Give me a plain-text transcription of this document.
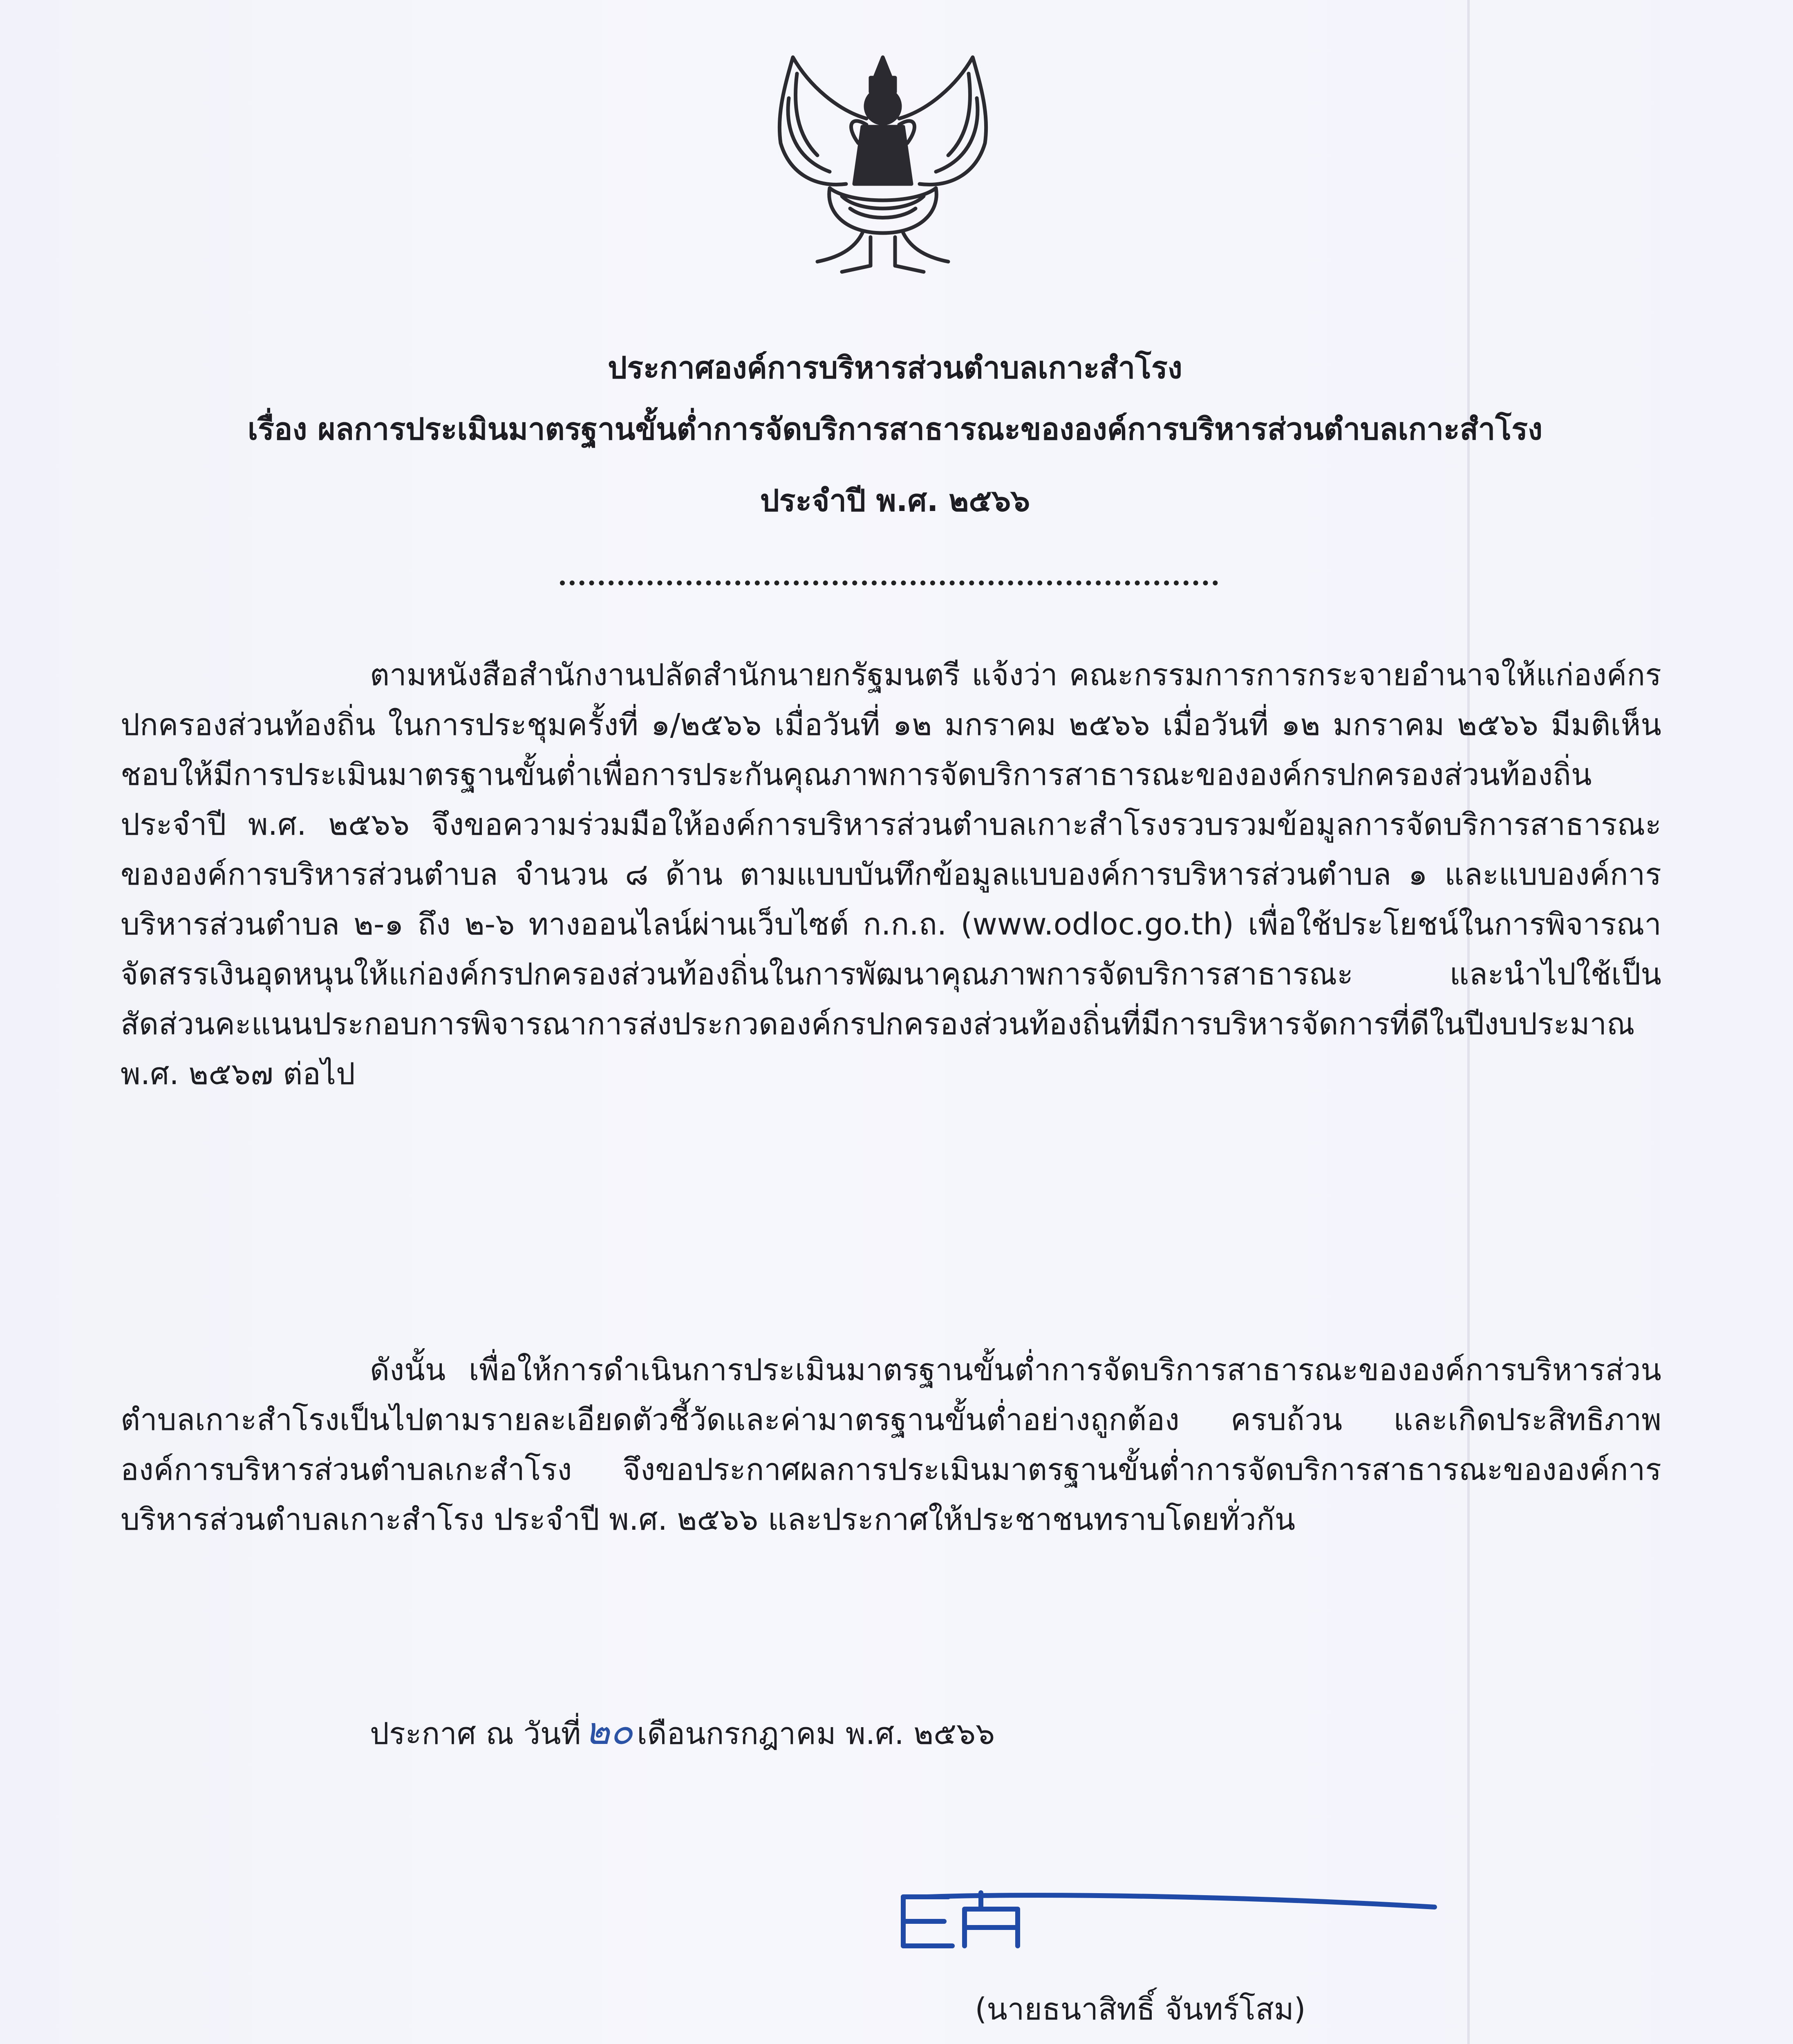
ประกาศองค์การบริหารส่วนตำบลเกาะสำโรง
เรื่อง ผลการประเมินมาตรฐานขั้นต่ำการจัดบริการสาธารณะขององค์การบริหารส่วนตำบลเกาะสำโรง
ประจำปี พ.ศ. ๒๕๖๖
ตามหนังสือสำนักงานปลัดสำนักนายกรัฐมนตรี แจ้งว่า คณะกรรมการการกระจายอำนาจให้แก่องค์กรปกครองส่วนท้องถิ่น ในการประชุมครั้งที่ ๑/๒๕๖๖ เมื่อวันที่ ๑๒ มกราคม ๒๕๖๖ เมื่อวันที่ ๑๒ มกราคม ๒๕๖๖ มีมติเห็นชอบให้มีการประเมินมาตรฐานขั้นต่ำเพื่อการประกันคุณภาพการจัดบริการสาธารณะขององค์กรปกครองส่วนท้องถิ่น ประจำปี พ.ศ. ๒๕๖๖ จึงขอความร่วมมือให้องค์การบริหารส่วนตำบลเกาะสำโรงรวบรวมข้อมูลการจัดบริการสาธารณะขององค์การบริหารส่วนตำบล จำนวน ๘ ด้าน ตามแบบบันทึกข้อมูลแบบองค์การบริหารส่วนตำบล ๑ และแบบองค์การบริหารส่วนตำบล ๒-๑ ถึง ๒-๖ ทางออนไลน์ผ่านเว็บไซต์ ก.ก.ถ. (www.odloc.go.th) เพื่อใช้ประโยชน์ในการพิจารณาจัดสรรเงินอุดหนุนให้แก่องค์กรปกครองส่วนท้องถิ่นในการพัฒนาคุณภาพการจัดบริการสาธารณะ และนำไปใช้เป็นสัดส่วนคะแนนประกอบการพิจารณาการส่งประกวดองค์กรปกครองส่วนท้องถิ่นที่มีการบริหารจัดการที่ดีในปีงบประมาณ พ.ศ. ๒๕๖๗ ต่อไป
ดังนั้น เพื่อให้การดำเนินการประเมินมาตรฐานขั้นต่ำการจัดบริการสาธารณะขององค์การบริหารส่วนตำบลเกาะสำโรงเป็นไปตามรายละเอียดตัวชี้วัดและค่ามาตรฐานขั้นต่ำอย่างถูกต้อง ครบถ้วน และเกิดประสิทธิภาพ องค์การบริหารส่วนตำบลเกะสำโรง จึงขอประกาศผลการประเมินมาตรฐานขั้นต่ำการจัดบริการสาธารณะขององค์การบริหารส่วนตำบลเกาะสำโรง ประจำปี พ.ศ. ๒๕๖๖ และประกาศให้ประชาชนทราบโดยทั่วกัน
ประกาศ ณ วันที่ ๒๐ เดือนกรกฎาคม พ.ศ. ๒๕๖๖
(นายธนาสิทธิ์ จันทร์โสม)
